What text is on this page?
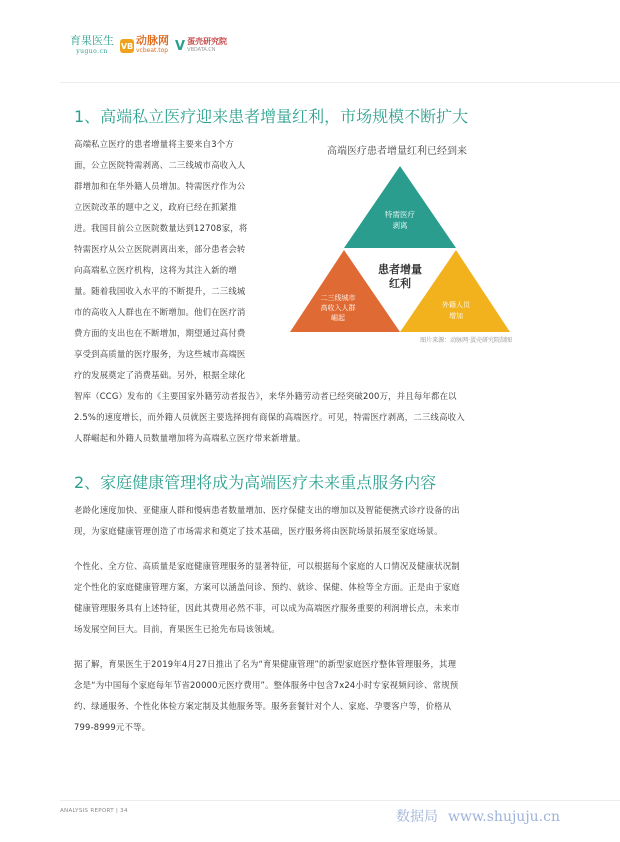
育果医生
yuguo.cn
VB 动脉网
vcbeat.top V 蛋壳研究院
VBDATA.CN
1、高端私立医疗迎来患者增量红利，市场规模不断扩大

高端私立医疗的患者增量将主要来自3个方

面，公立医院特需剥离、二三线城市高收入人

群增加和在华外籍人员增加。特需医疗作为公

立医院改革的题中之义，政府已经在抓紧推

进。我国目前公立医院数量达到12708家，将

特需医疗从公立医院剥离出来，部分患者会转

向高端私立医疗机构，这将为其注入新的增

量。随着我国收入水平的不断提升，二三线城

市的高收入人群也在不断增加。他们在医疗消

费方面的支出也在不断增加，期望通过高付费

享受到高质量的医疗服务，为这些城市高端医

疗的发展奠定了消费基础。另外，根据全球化

智库（CCG）发布的《主要国家外籍劳动者报告》，来华外籍劳动者已经突破200万，并且每年都在以

2.5%的速度增长，而外籍人员就医主要选择拥有商保的高端医疗。可见，特需医疗剥离，二三线高收入

人群崛起和外籍人员数量增加将为高端私立医疗带来新增量。

高端医疗患者增量红利已经到来
特需医疗
剥离
患者增量
红利
二三线城市
高收入人群
崛起
外籍人员
增加
图片来源：动脉网·蛋壳研究院制图
2、家庭健康管理将成为高端医疗未来重点服务内容

老龄化速度加快、亚健康人群和慢病患者数量增加、医疗保健支出的增加以及智能便携式诊疗设备的出

现，为家庭健康管理创造了市场需求和奠定了技术基础，医疗服务将由医院场景拓展至家庭场景。

个性化、全方位、高质量是家庭健康管理服务的显著特征，可以根据每个家庭的人口情况及健康状况制

定个性化的家庭健康管理方案，方案可以涵盖问诊、预约、就诊、保健、体检等全方面。正是由于家庭

健康管理服务具有上述特征，因此其费用必然不菲，可以成为高端医疗服务重要的利润增长点，未来市

场发展空间巨大。目前，育果医生已抢先布局该领域。

据了解，育果医生于2019年4月27日推出了名为“育果健康管理”的新型家庭医疗整体管理服务，其理

念是“为中国每个家庭每年节省20000元医疗费用”。整体服务中包含7x24小时专家视频问诊、常规预

约、绿通服务、个性化体检方案定制及其他服务等。服务套餐针对个人、家庭、孕婴客户等，价格从

799-8999元不等。

ANALYSIS REPORT | 34	数据局 www.shujuju.cn
